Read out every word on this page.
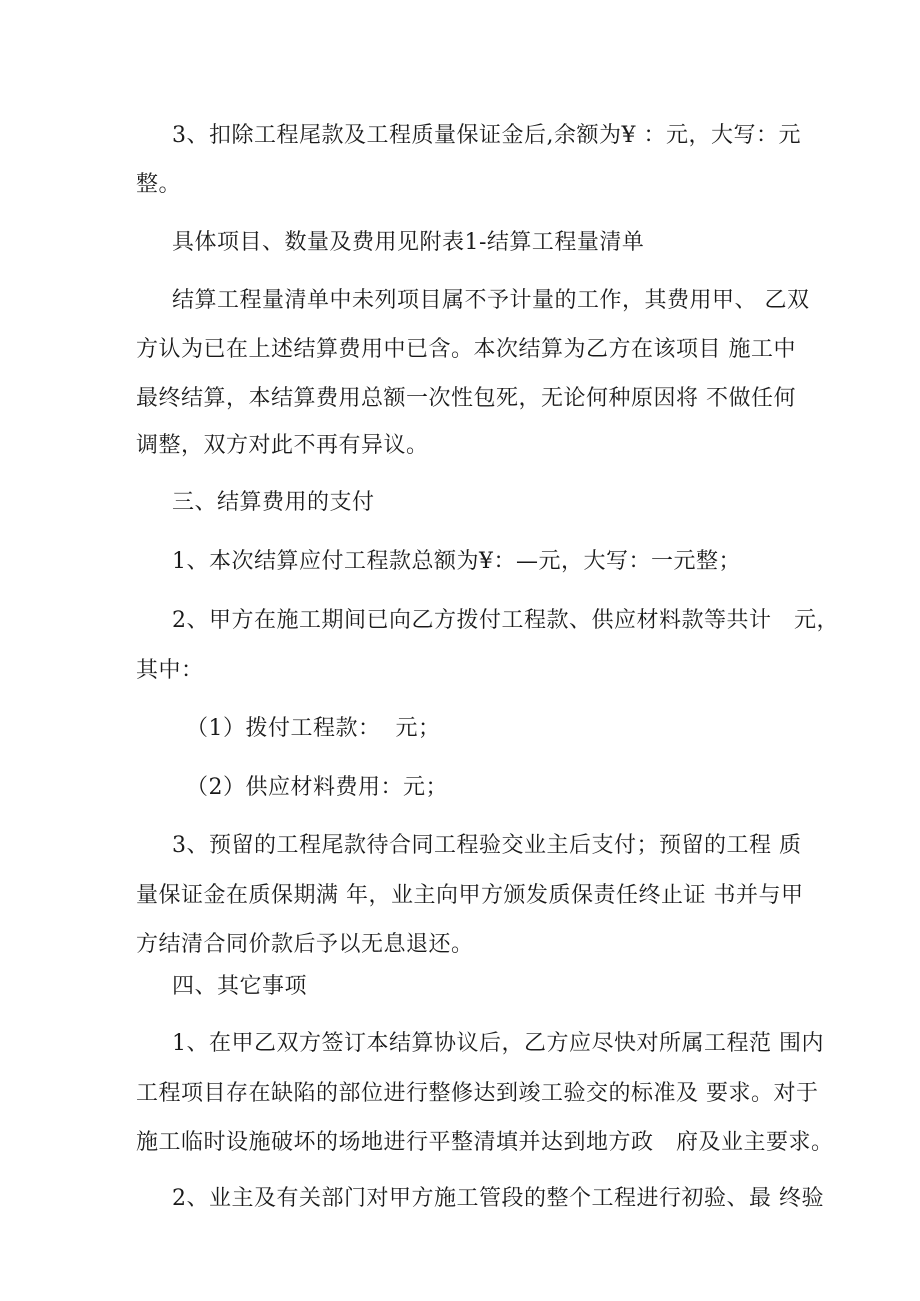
3、扣除工程尾款及工程质量保证金后,余额为¥ ：元，大写：元
整。
具体项目、数量及费用见附表1-结算工程量清单
结算工程量清单中未列项目属不予计量的工作，其费用甲、 乙双
方认为已在上述结算费用中已含。本次结算为乙方在该项目 施工中
最终结算，本结算费用总额一次性包死，无论何种原因将 不做任何
调整，双方对此不再有异议。
三、结算费用的支付
1、本次结算应付工程款总额为¥：—元，大写：一元整；
2、甲方在施工期间已向乙方拨付工程款、供应材料款等共计   元，
其中：
（1）拨付工程款：  元；
（2）供应材料费用：元；
3、预留的工程尾款待合同工程验交业主后支付；预留的工程 质
量保证金在质保期满 年，业主向甲方颁发质保责任终止证 书并与甲
方结清合同价款后予以无息退还。
四、其它事项
1、在甲乙双方签订本结算协议后，乙方应尽快对所属工程范 围内
工程项目存在缺陷的部位进行整修达到竣工验交的标准及 要求。对于
施工临时设施破坏的场地进行平整清填并达到地方政   府及业主要求。
2、业主及有关部门对甲方施工管段的整个工程进行初验、最 终验
